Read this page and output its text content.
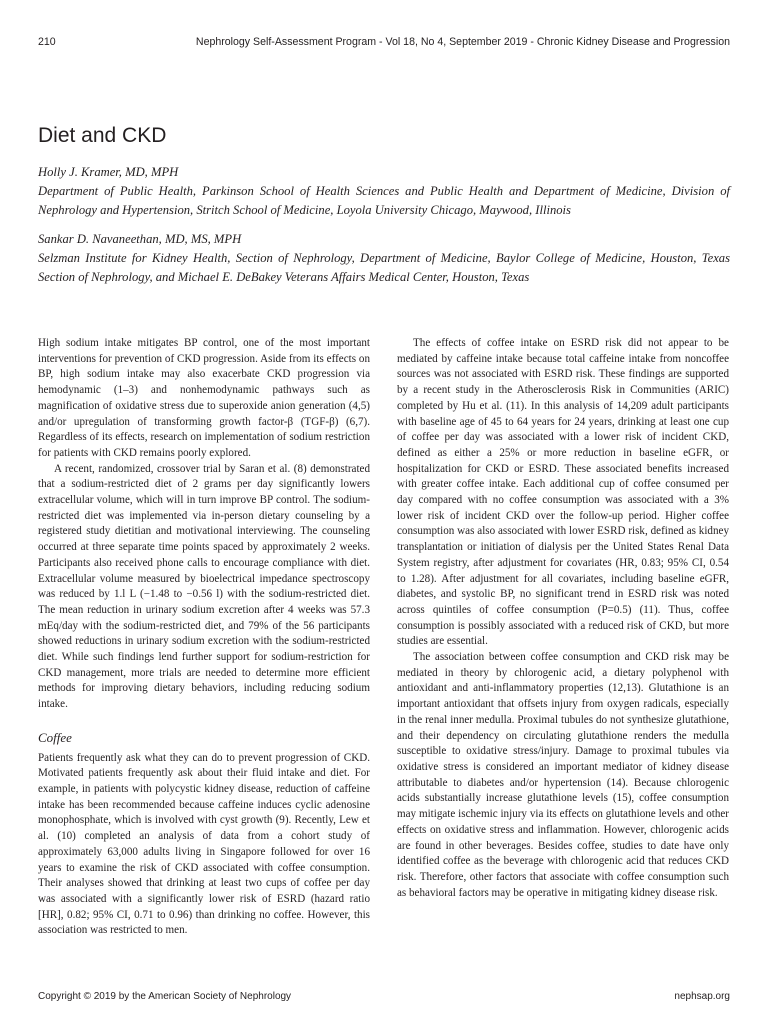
210	Nephrology Self-Assessment Program - Vol 18, No 4, September 2019 - Chronic Kidney Disease and Progression
Diet and CKD

Holly J. Kramer, MD, MPH

Department of Public Health, Parkinson School of Health Sciences and Public Health and Department of Medicine, Division of Nephrology and Hypertension, Stritch School of Medicine, Loyola University Chicago, Maywood, Illinois

Sankar D. Navaneethan, MD, MS, MPH

Selzman Institute for Kidney Health, Section of Nephrology, Department of Medicine, Baylor College of Medicine, Houston, Texas Section of Nephrology, and Michael E. DeBakey Veterans Affairs Medical Center, Houston, Texas

High sodium intake mitigates BP control, one of the most important interventions for prevention of CKD progression. Aside from its effects on BP, high sodium intake may also exacerbate CKD progression via hemodynamic (1–3) and nonhemodynamic pathways such as magnification of oxidative stress due to superoxide anion generation (4,5) and/or upregulation of transforming growth factor-β (TGF-β) (6,7). Regardless of its effects, research on implementation of sodium restriction for patients with CKD remains poorly explored.

A recent, randomized, crossover trial by Saran et al. (8) demonstrated that a sodium-restricted diet of 2 grams per day significantly lowers extracellular volume, which will in turn improve BP control. The sodium-restricted diet was implemented via in-person dietary counseling by a registered study dietitian and motivational interviewing. The counseling occurred at three separate time points spaced by approximately 2 weeks. Participants also received phone calls to encourage compliance with diet. Extracellular volume measured by bioelectrical impedance spectroscopy was reduced by 1.l L (−1.48 to −0.56 l) with the sodium-restricted diet. The mean reduction in urinary sodium excretion after 4 weeks was 57.3 mEq/day with the sodium-restricted diet, and 79% of the 56 participants showed reductions in urinary sodium excretion with the sodium-restricted diet. While such findings lend further support for sodium-restriction for CKD management, more trials are needed to determine more efficient methods for improving dietary behaviors, including reducing sodium intake.

Coffee

Patients frequently ask what they can do to prevent progression of CKD. Motivated patients frequently ask about their fluid intake and diet. For example, in patients with polycystic kidney disease, reduction of caffeine intake has been recommended because caffeine induces cyclic adenosine monophosphate, which is involved with cyst growth (9). Recently, Lew et al. (10) completed an analysis of data from a cohort study of approximately 63,000 adults living in Singapore followed for over 16 years to examine the risk of CKD associated with coffee consumption. Their analyses showed that drinking at least two cups of coffee per day was associated with a significantly lower risk of ESRD (hazard ratio [HR], 0.82; 95% CI, 0.71 to 0.96) than drinking no coffee. However, this association was restricted to men.

The effects of coffee intake on ESRD risk did not appear to be mediated by caffeine intake because total caffeine intake from noncoffee sources was not associated with ESRD risk. These findings are supported by a recent study in the Atherosclerosis Risk in Communities (ARIC) completed by Hu et al. (11). In this analysis of 14,209 adult participants with baseline age of 45 to 64 years for 24 years, drinking at least one cup of coffee per day was associated with a lower risk of incident CKD, defined as either a 25% or more reduction in baseline eGFR, or hospitalization for CKD or ESRD. These associated benefits increased with greater coffee intake. Each additional cup of coffee consumed per day compared with no coffee consumption was associated with a 3% lower risk of incident CKD over the follow-up period. Higher coffee consumption was also associated with lower ESRD risk, defined as kidney transplantation or initiation of dialysis per the United States Renal Data System registry, after adjustment for covariates (HR, 0.83; 95% CI, 0.54 to 1.28). After adjustment for all covariates, including baseline eGFR, diabetes, and systolic BP, no significant trend in ESRD risk was noted across quintiles of coffee consumption (P=0.5) (11). Thus, coffee consumption is possibly associated with a reduced risk of CKD, but more studies are essential.

The association between coffee consumption and CKD risk may be mediated in theory by chlorogenic acid, a dietary polyphenol with antioxidant and anti-inflammatory properties (12,13). Glutathione is an important antioxidant that offsets injury from oxygen radicals, especially in the renal inner medulla. Proximal tubules do not synthesize glutathione, and their dependency on circulating glutathione renders the medulla susceptible to oxidative stress/injury. Damage to proximal tubules via oxidative stress is considered an important mediator of kidney disease attributable to diabetes and/or hypertension (14). Because chlorogenic acids substantially increase glutathione levels (15), coffee consumption may mitigate ischemic injury via its effects on glutathione levels and other effects on oxidative stress and inflammation. However, chlorogenic acids are found in other beverages. Besides coffee, studies to date have only identified coffee as the beverage with chlorogenic acid that reduces CKD risk. Therefore, other factors that associate with coffee consumption such as behavioral factors may be operative in mitigating kidney disease risk.

Copyright © 2019 by the American Society of Nephrology	nephsap.org
